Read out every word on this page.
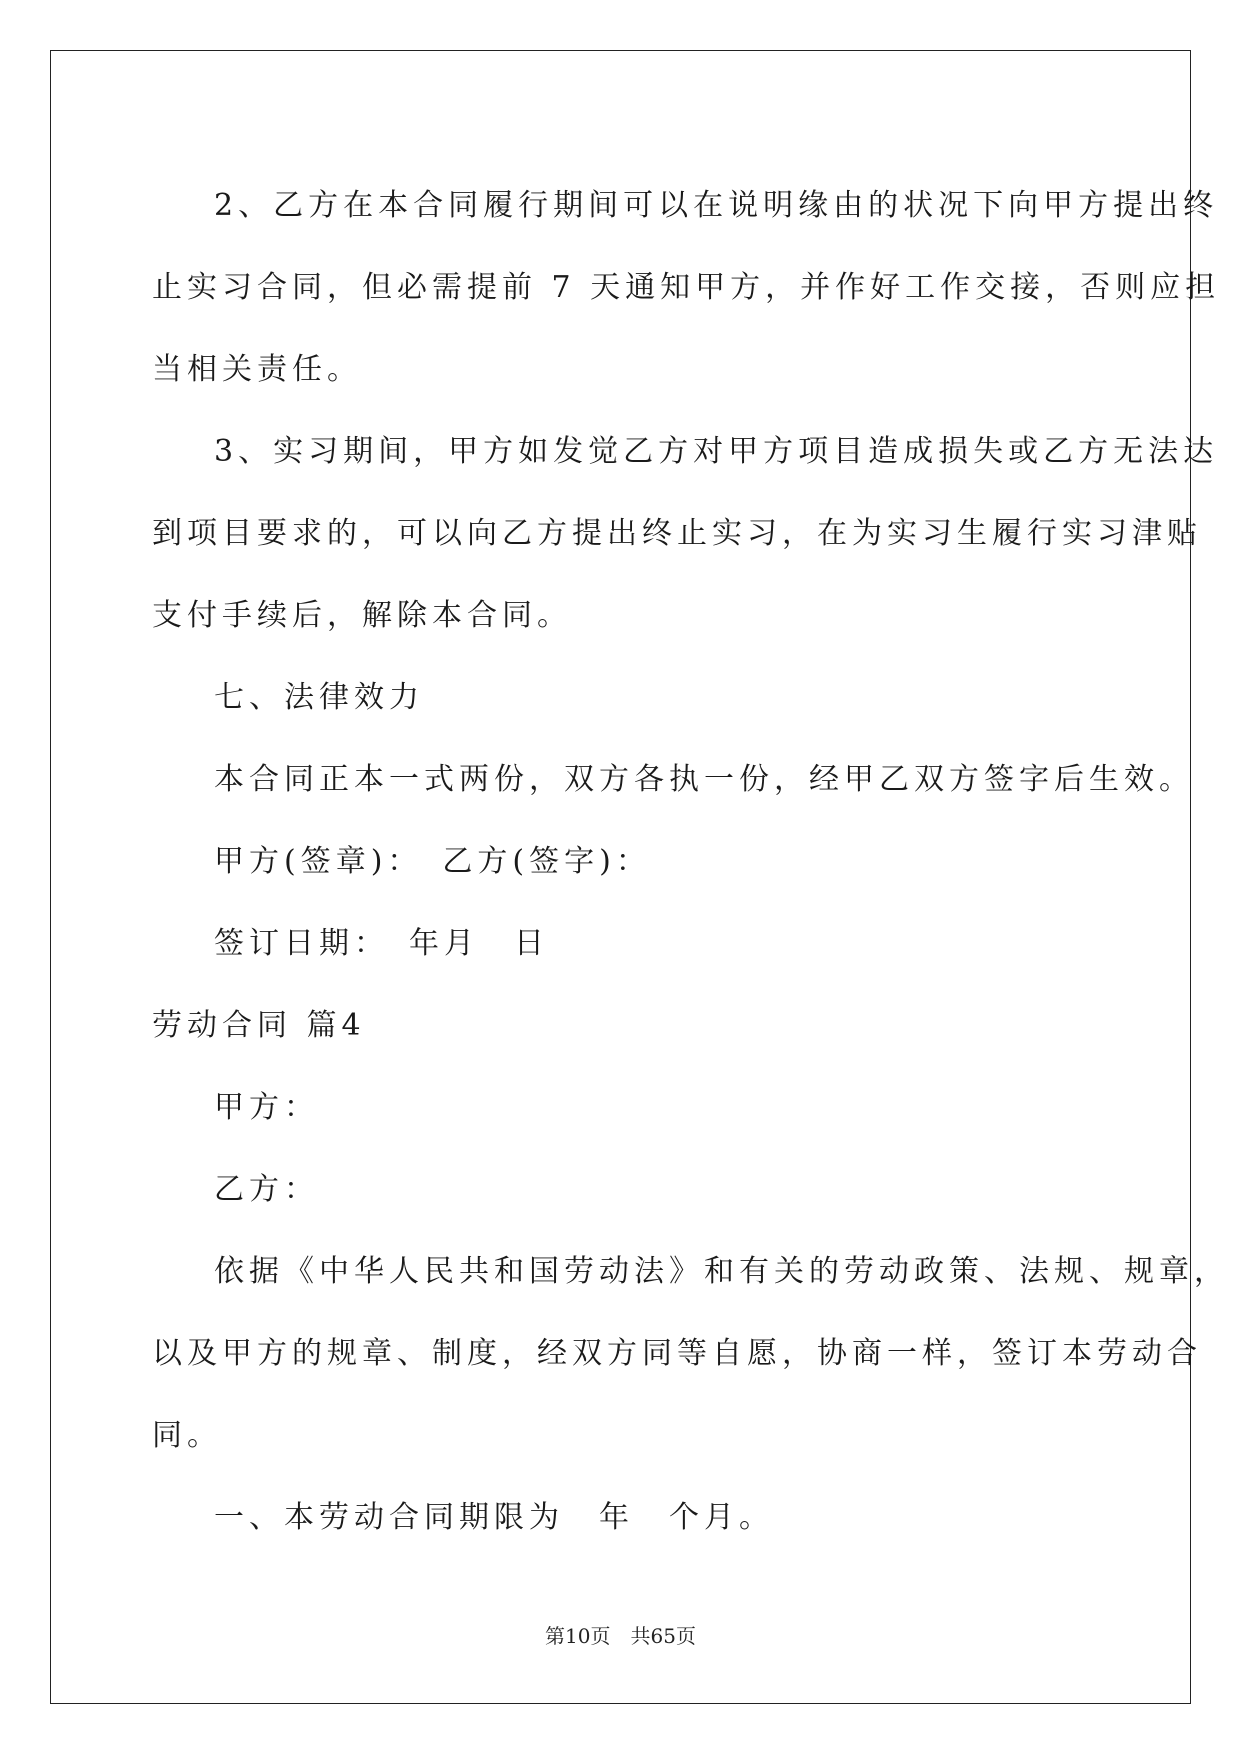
2、乙方在本合同履行期间可以在说明缘由的状况下向甲方提出终
止实习合同，但必需提前 7 天通知甲方，并作好工作交接，否则应担
当相关责任。
3、实习期间，甲方如发觉乙方对甲方项目造成损失或乙方无法达
到项目要求的，可以向乙方提出终止实习，在为实习生履行实习津贴
支付手续后，解除本合同。
七、法律效力
本合同正本一式两份，双方各执一份，经甲乙双方签字后生效。
甲方(签章)：　乙方(签字)：
签订日期：　年月　日
劳动合同 篇4
甲方：
乙方：
依据《中华人民共和国劳动法》和有关的劳动政策、法规、规章，
以及甲方的规章、制度，经双方同等自愿，协商一样，签订本劳动合
同。
一、本劳动合同期限为　年　个月。
第10页 共65页
